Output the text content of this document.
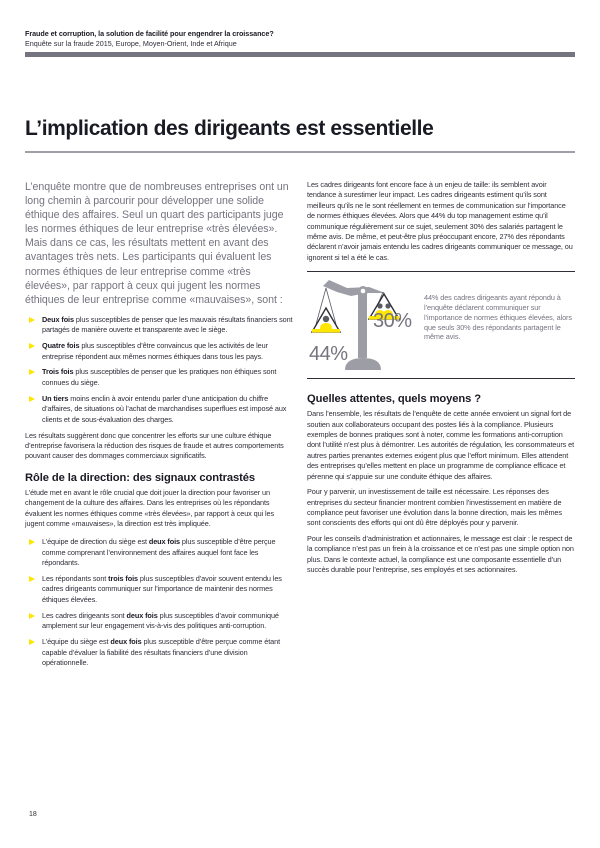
Fraude et corruption, la solution de facilité pour engendrer la croissance?
Enquête sur la fraude 2015, Europe, Moyen-Orient, Inde et Afrique
L’implication des dirigeants est essentielle

L’enquête montre que de nombreuses entreprises ont un long chemin à parcourir pour développer une solide éthique des affaires. Seul un quart des participants juge les normes éthiques de leur entreprise «très élevées». Mais dans ce cas, les résultats mettent en avant des avantages très nets. Les participants qui évaluent les normes éthiques de leur entreprise comme «très élevées», par rapport à ceux qui jugent les normes éthiques de leur entreprise comme «mauvaises», sont :

Deux fois plus susceptibles de penser que les mauvais résultats financiers sont partagés de manière ouverte et transparente avec le siège.
Quatre fois plus susceptibles d’être convaincus que les activités de leur entreprise répondent aux mêmes normes éthiques dans tous les pays.
Trois fois plus susceptibles de penser que les pratiques non éthiques sont connues du siège.
Un tiers moins enclin à avoir entendu parler d’une anticipation du chiffre d’affaires, de situations où l’achat de marchandises superflues est imposé aux clients et de sous-évaluation des charges.

Les résultats suggèrent donc que concentrer les efforts sur une culture éthique d’entreprise favorisera la réduction des risques de fraude et autres comportements pouvant causer des dommages commerciaux significatifs.

Rôle de la direction: des signaux contrastés

L’étude met en avant le rôle crucial que doit jouer la direction pour favoriser un changement de la culture des affaires. Dans les entreprises où les répondants évaluent les normes éthiques comme «très élevées», par rapport à ceux qui les jugent comme «mauvaises», la direction est très impliquée.

L’équipe de direction du siège est deux fois plus susceptible d’être perçue comme comprenant l’environnement des affaires auquel font face les répondants.
Les répondants sont trois fois plus susceptibles d’avoir souvent entendu les cadres dirigeants communiquer sur l’importance de maintenir des normes éthiques élevées.
Les cadres dirigeants sont deux fois plus susceptibles d’avoir communiqué amplement sur leur engagement vis-à-vis des politiques anti-corruption.
L’équipe du siège est deux fois plus susceptible d’être perçue comme étant capable d’évaluer la fiabilité des résultats financiers d’une division opérationnelle.

Les cadres dirigeants font encore face à un enjeu de taille: ils semblent avoir tendance à surestimer leur impact. Les cadres dirigeants estiment qu’ils sont meilleurs qu’ils ne le sont réellement en termes de communication sur l’importance de normes éthiques élevées. Alors que 44% du top management estime qu’il communique régulièrement sur ce sujet, seulement 30% des salariés partagent le même avis. De même, et peut-être plus préoccupant encore, 27% des répondants déclarent n’avoir jamais entendu les cadres dirigeants communiquer ce message, ou ignorent si tel a été le cas.

30%
44%
44% des cadres dirigeants ayant répondu à l’enquête déclarent communiquer sur l’importance de normes éthiques élevées, alors que seuls 30% des répondants partagent le même avis.
Quelles attentes, quels moyens ?

Dans l’ensemble, les résultats de l’enquête de cette année envoient un signal fort de soutien aux collaborateurs occupant des postes liés à la compliance. Plusieurs exemples de bonnes pratiques sont à noter, comme les formations anti-corruption dont l’utilité n’est plus à démontrer. Les autorités de régulation, les consommateurs et autres parties prenantes externes exigent plus que l’effort minimum. Elles attendent des entreprises qu’elles mettent en place un programme de compliance efficace et pérenne qui s’appuie sur une conduite éthique des affaires.

Pour y parvenir, un investissement de taille est nécessaire. Les réponses des entreprises du secteur financier montrent combien l’investissement en matière de compliance peut favoriser une évolution dans la bonne direction, mais les mêmes sont conscients des efforts qui ont dû être déployés pour y parvenir.

Pour les conseils d’administration et actionnaires, le message est clair : le respect de la compliance n’est pas un frein à la croissance et ce n’est pas une simple option non plus. Dans le contexte actuel, la compliance est une composante essentielle d’un succès durable pour l’entreprise, ses employés et ses actionnaires.

18
